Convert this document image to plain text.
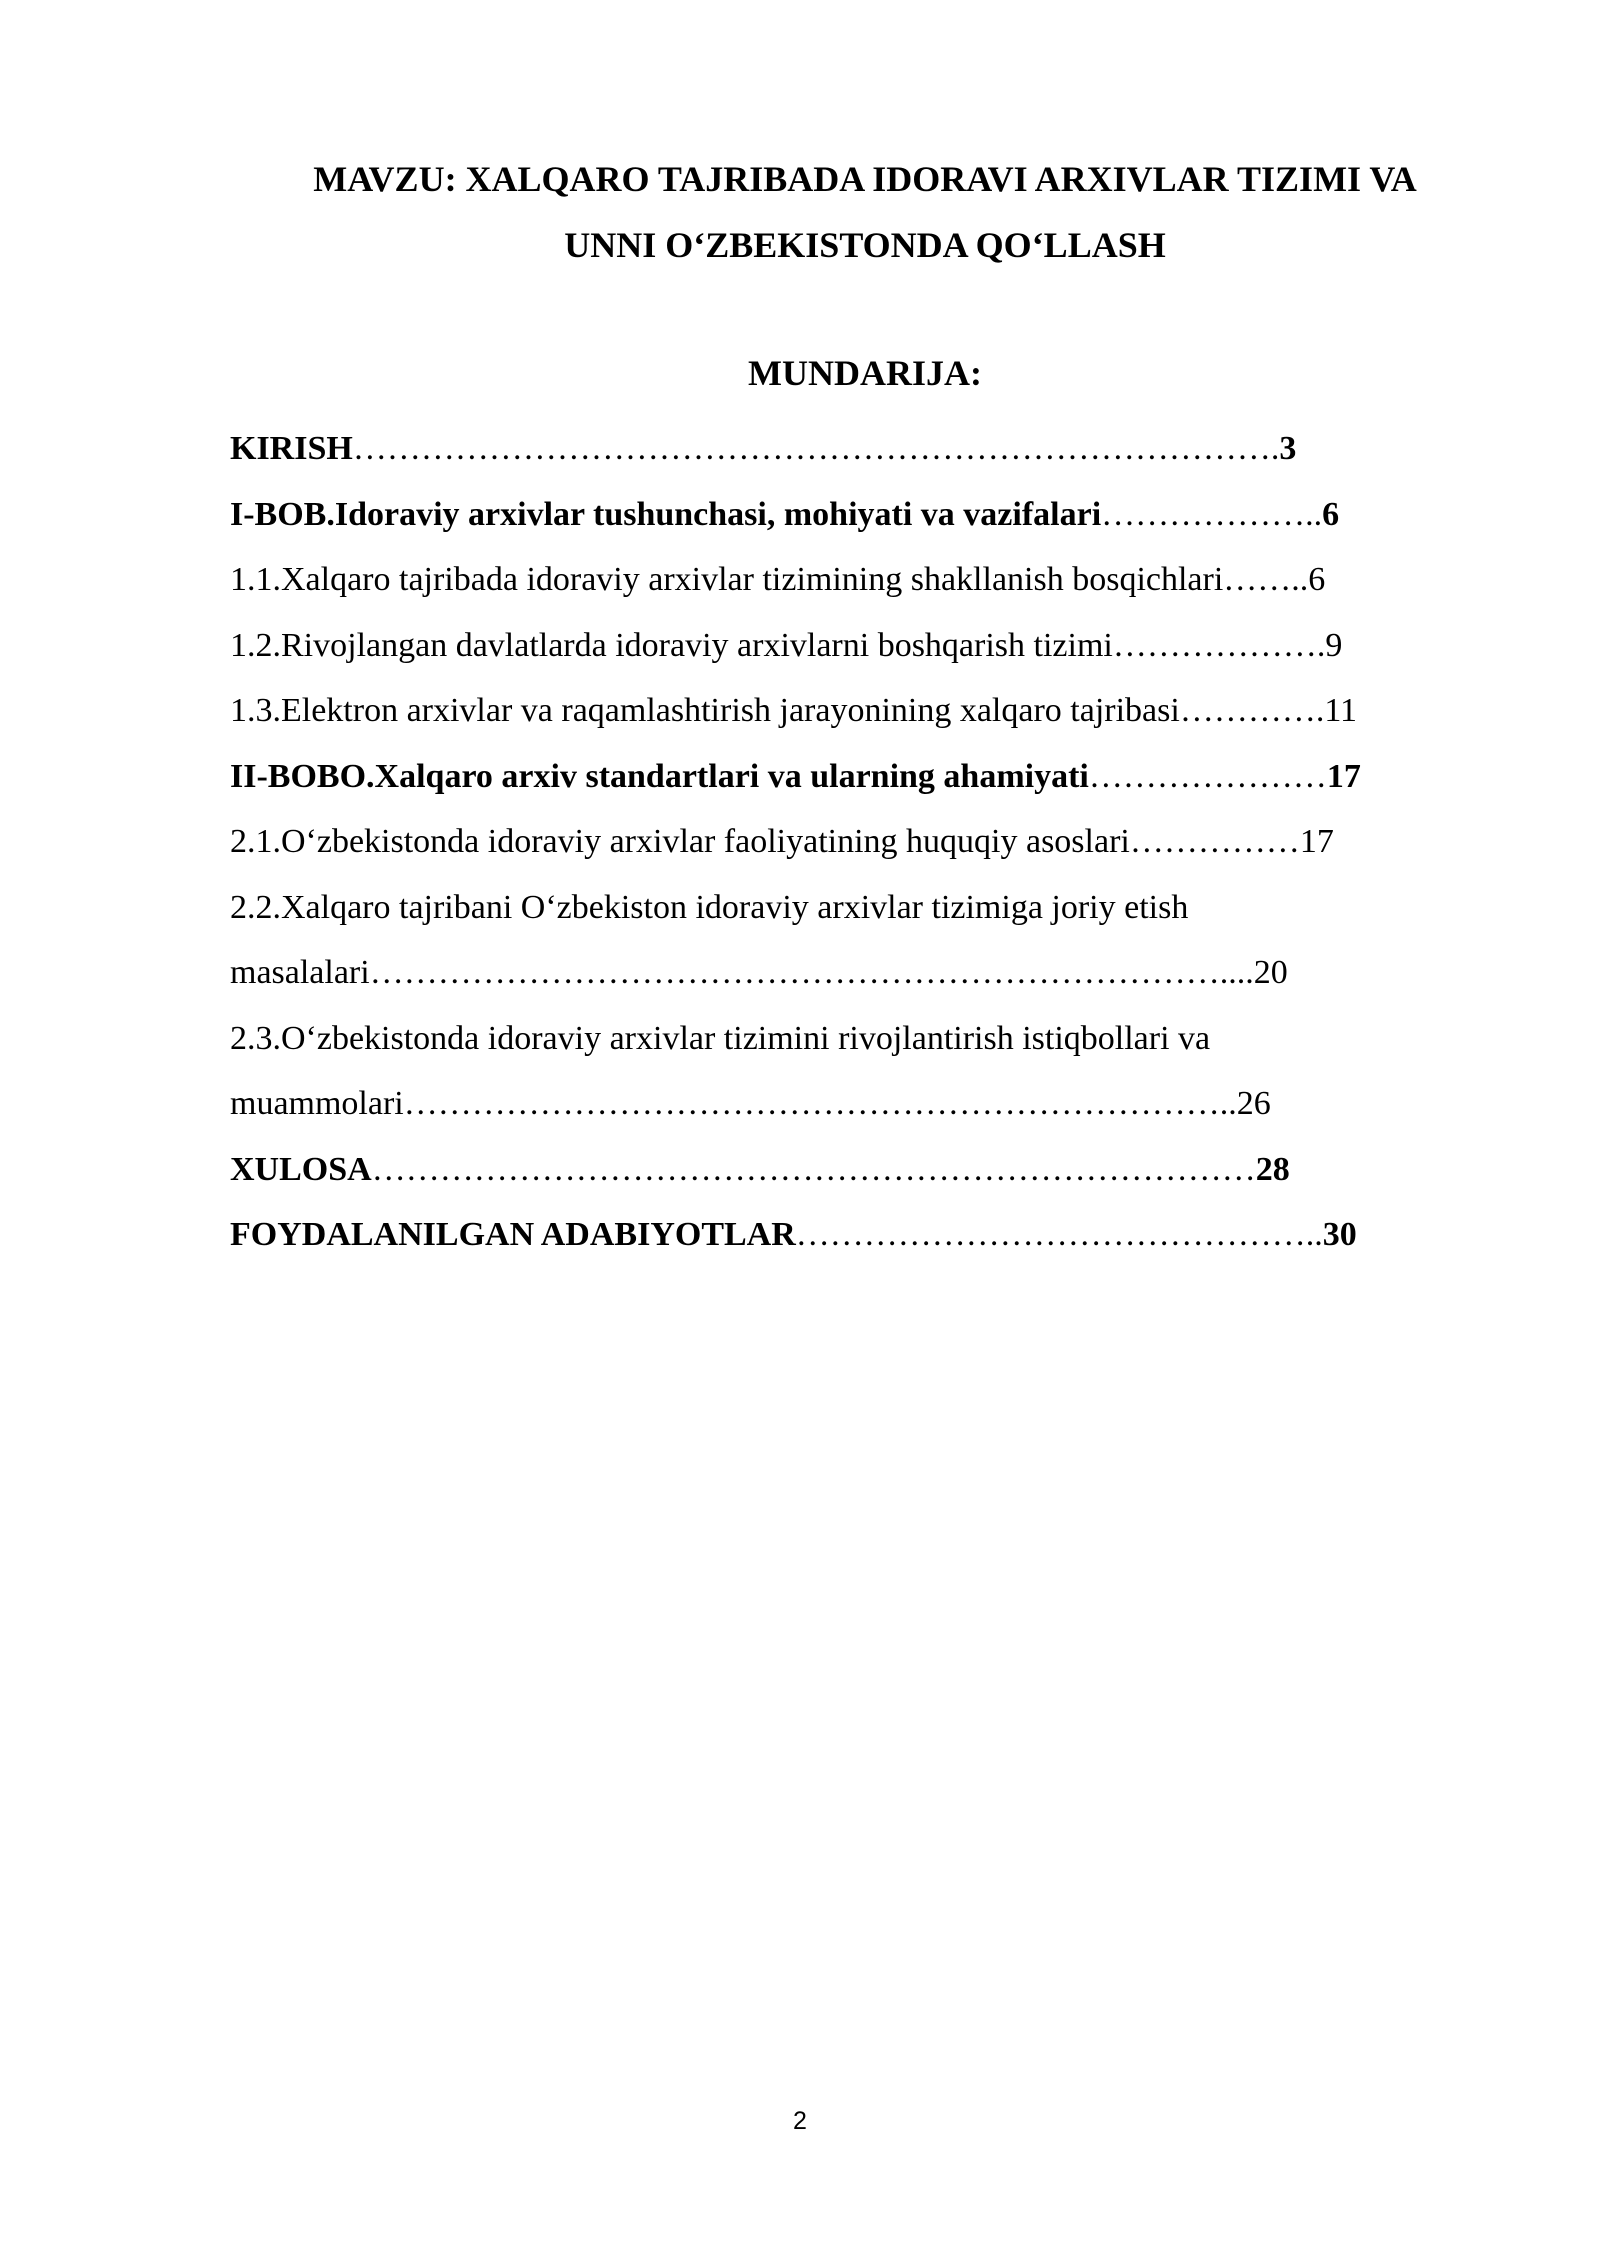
MAVZU: XALQARO TAJRIBADA IDORAVI ARXIVLAR TIZIMI VA
UNNI O‘ZBEKISTONDA QO‘LLASH
MUNDARIJA:
KIRISH……………………………………………………………………….3
I-BOB.Idoraviy arxivlar tushunchasi, mohiyati va vazifalari………………..6
1.1.Xalqaro tajribada idoraviy arxivlar tizimining shakllanish bosqichlari……..6
1.2.Rivojlangan davlatlarda idoraviy arxivlarni boshqarish tizimi……………….9
1.3.Elektron arxivlar va raqamlashtirish jarayonining xalqaro tajribasi………….11
II-BOBO.Xalqaro arxiv standartlari va ularning ahamiyati…………………17
2.1.O‘zbekistonda idoraviy arxivlar faoliyatining huquqiy asoslari……………17
2.2.Xalqaro tajribani O‘zbekiston idoraviy arxivlar tizimiga joriy etish
masalalari…………………………………………………………………....20
2.3.O‘zbekistonda idoraviy arxivlar tizimini rivojlantirish istiqbollari va
muammolari………………………………………………………………..26
XULOSA……………………………………………………………………28
FOYDALANILGAN ADABIYOTLAR………………………………………..30
2
